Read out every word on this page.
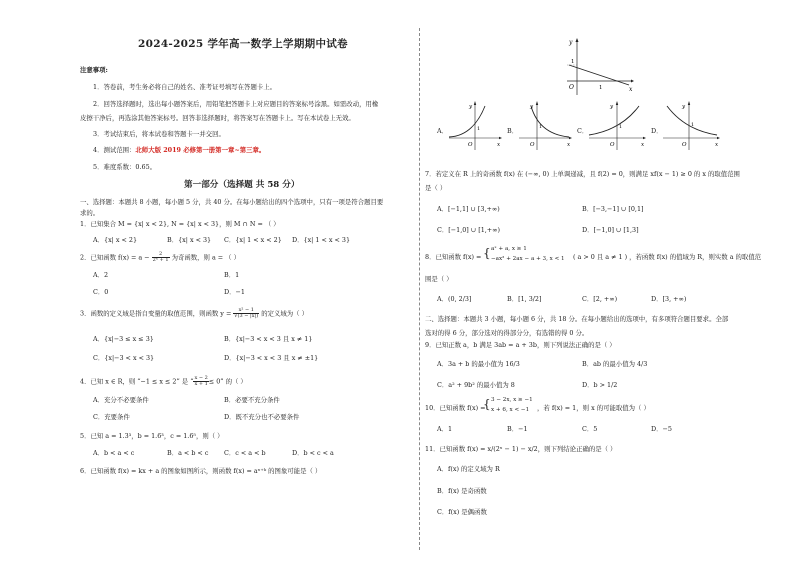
2024-2025 学年高一数学上学期期中试卷
注意事项:
1．答卷前，考生务必将自己的姓名、准考证号填写在答题卡上。
2．回答选择题时，选出每小题答案后，用铅笔把答题卡上对应题目的答案标号涂黑。如需改动，用橡
皮擦干净后，再选涂其他答案标号。回答非选择题时，将答案写在答题卡上。写在本试卷上无效。
3．考试结束后，将本试卷和答题卡一并交回。
4．测试范围：北师大版 2019 必修第一册第一章~第三章。
5．难度系数：0.65。
第一部分（选择题 共 58 分）
一、选择题：本题共 8 小题，每小题 5 分，共 40 分。在每小题给出的四个选项中，只有一项是符合题目要
求的。
1．已知集合 M = {x| x < 2}, N = {x| x < 3}，则 M ∩ N = （ ）
A．{x| x < 2}	B．{x| x < 3} C．{x| 1 < x < 2} D．{x| 1 < x < 3}
2．已知函数 $f(x) = a - \frac{2}{\text{2ˣ + 1}}$ 为奇函数，则 a = （ ）
A．2	B．1
C．0	D．−1
3．函数的定义域是指自变量的取值范围，则函数 $y = \frac{\text{x² − 1}}{√(3 - |x|)}$ 的定义域为（ ）
A．{x|−3 ≤ x ≤ 3}	B．{x|−3 < x < 3 且 x ≠ 1}
C．{x|−3 < x < 3}	D．{x|−3 < x < 3 且 x ≠ ±1}
4．已知 x ∈ R，则 “−1 ≤ x ≤ 2” 是 “ $\frac{x - 2}{x + 1} \le 0$” 的（ ）
A．充分不必要条件	B．必要不充分条件
C．充要条件	D．既不充分也不必要条件
5．已知 a = 1.3³，b = 1.6³，c = 1.6⁵，则（ ）
A．b < a < c	B．a < b < c C．c < a < b	D．b < c < a
6．已知函数 f(x) = kx + a 的图象如图所示，则函数 f(x) = aˣ⁺ᵏ 的图象可能是（ ）
y
x
O
1
1
A．
y
x
O
1	B．
y
x
O
1	C．
y
x
O
1	D．
y
x
O
1
7．若定义在 R 上的奇函数 f(x) 在 (−∞, 0) 上单调递减，且 f(2) = 0，则满足 xf(x − 1) ≥ 0 的 x 的取值范围
是（ ）
A．[−1,1] ∪ [3,+∞)	B．[−3,−1] ∪ [0,1]
C．[−1,0] ∪ [1,+∞)	D．[−1,0] ∪ [1,3]
8．已知函数 f(x) = { aˣ + a, x ≥ 1
−ax² + 2ax − a + 3, x < 1 ( a > 0 且 a ≠ 1 ) ，若函数 f(x) 的值域为 R，则实数 a 的取值范
围是（ ）
A．(0, 2/3]	B．[1, 3/2]	C．[2, +∞)	D．[3, +∞)
二、选择题：本题共 3 小题，每小题 6 分，共 18 分。在每小题给出的选项中，有多项符合题目要求。全部
选对的得 6 分，部分选对的得部分分，有选错的得 0 分。
9．已知正数 a，b 满足 3ab = a + 3b，则下列说法正确的是（ ）
A．3a + b 的最小值为 16/3	B．ab 的最小值为 4/3
C．a² + 9b² 的最小值为 8	D．b > 1/2
10．已知函数 f(x) =
{ 3 − 2x, x ≥ −1
x + 6, x < −1 ，若 f(x) = 1，则 x 的可能取值为（ ）
A．1	B．−1	C．5	D．−5
11．已知函数 f(x) = x/(2ˣ − 1) − x/2，则下列结论正确的是（ ）
A．f(x) 的定义域为 R
B．f(x) 是奇函数
C．f(x) 是偶函数
